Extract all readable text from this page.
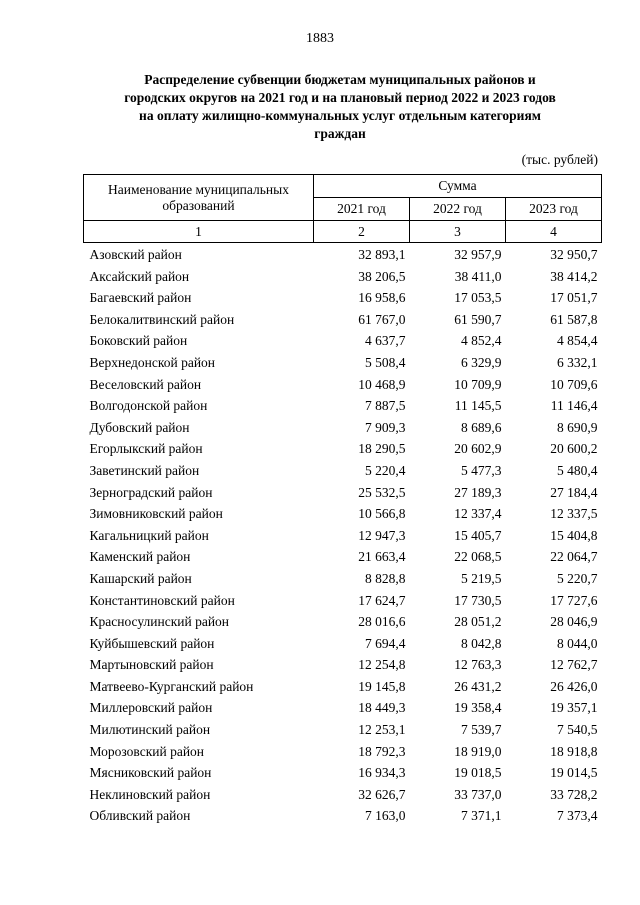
1883
Распределение субвенции бюджетам муниципальных районов и
городских округов на 2021 год и на плановый период 2022 и 2023 годов
на оплату жилищно-коммунальных услуг отдельным категориям
граждан
(тыс. рублей)
Наименование муниципальных образований	Сумма		
	2021 год	2022 год	2023 год
1	2	3	4
Азовский район	32 893,1	32 957,9	32 950,7
Аксайский район	38 206,5	38 411,0	38 414,2
Багаевский район	16 958,6	17 053,5	17 051,7
Белокалитвинский район	61 767,0	61 590,7	61 587,8
Боковский район	4 637,7	4 852,4	4 854,4
Верхнедонской район	5 508,4	6 329,9	6 332,1
Веселовский район	10 468,9	10 709,9	10 709,6
Волгодонской район	7 887,5	11 145,5	11 146,4
Дубовский район	7 909,3	8 689,6	8 690,9
Егорлыкский район	18 290,5	20 602,9	20 600,2
Заветинский район	5 220,4	5 477,3	5 480,4
Зерноградский район	25 532,5	27 189,3	27 184,4
Зимовниковский район	10 566,8	12 337,4	12 337,5
Кагальницкий район	12 947,3	15 405,7	15 404,8
Каменский район	21 663,4	22 068,5	22 064,7
Кашарский район	8 828,8	5 219,5	5 220,7
Константиновский район	17 624,7	17 730,5	17 727,6
Красносулинский район	28 016,6	28 051,2	28 046,9
Куйбышевский район	7 694,4	8 042,8	8 044,0
Мартыновский район	12 254,8	12 763,3	12 762,7
Матвеево-Курганский район	19 145,8	26 431,2	26 426,0
Миллеровский район	18 449,3	19 358,4	19 357,1
Милютинский район	12 253,1	7 539,7	7 540,5
Морозовский район	18 792,3	18 919,0	18 918,8
Мясниковский район	16 934,3	19 018,5	19 014,5
Неклиновский район	32 626,7	33 737,0	33 728,2
Обливский район	7 163,0	7 371,1	7 373,4
